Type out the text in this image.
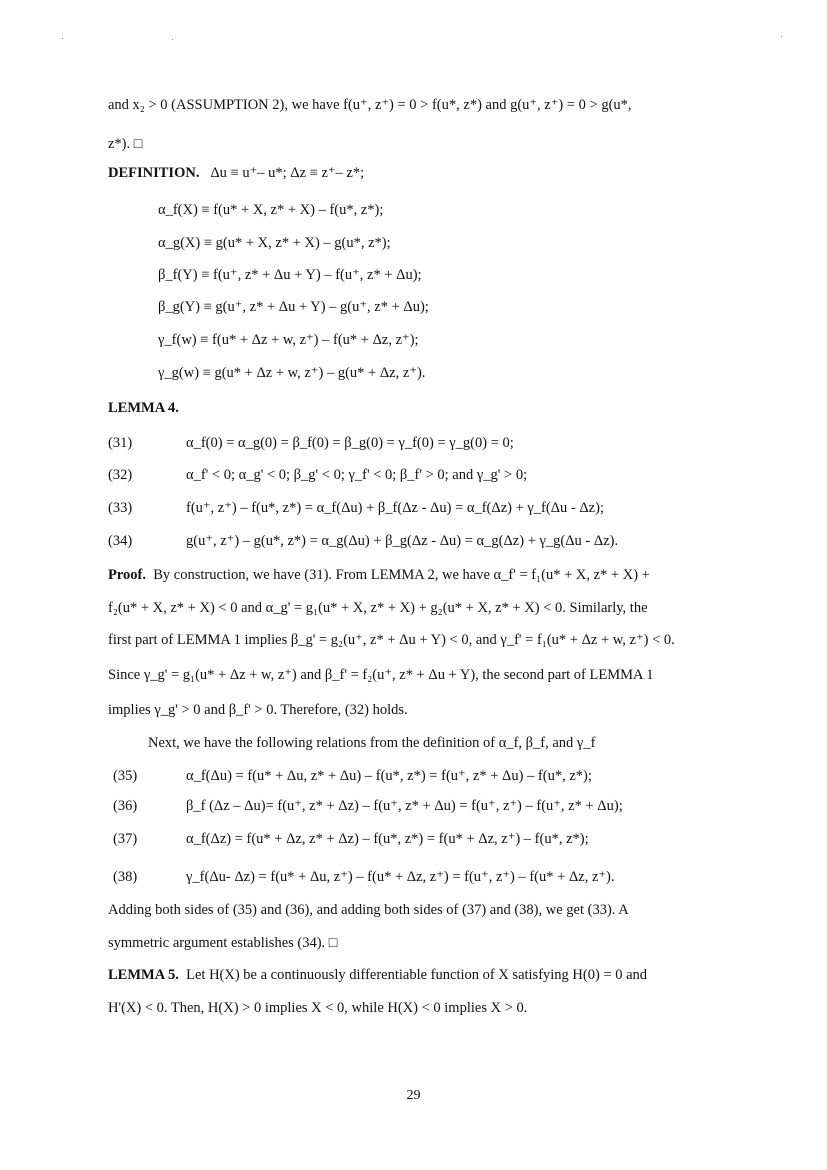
and x₂ > 0 (ASSUMPTION 2), we have f(u⁺, z⁺) = 0 > f(u*, z*) and g(u⁺, z⁺) = 0 > g(u*,
z*). □
DEFINITION. Δu ≡ u⁺– u*; Δz ≡ z⁺– z*;
α_f(X) ≡ f(u* + X, z* + X) – f(u*, z*);
α_g(X) ≡ g(u* + X, z* + X) – g(u*, z*);
β_f(Y) ≡ f(u⁺, z* + Δu + Y) – f(u⁺, z* + Δu);
β_g(Y) ≡ g(u⁺, z* + Δu + Y) – g(u⁺, z* + Δu);
γ_f(w) ≡ f(u* + Δz + w, z⁺) – f(u* + Δz, z⁺);
γ_g(w) ≡ g(u* + Δz + w, z⁺) – g(u* + Δz, z⁺).
LEMMA 4.
(31)	α_f(0) = α_g(0) = β_f(0) = β_g(0) = γ_f(0) = γ_g(0) = 0;
(32)	α_f' < 0; α_g' < 0; β_g' < 0; γ_f' < 0; β_f' > 0; and γ_g' > 0;
(33)	f(u⁺, z⁺) – f(u*, z*) = α_f(Δu) + β_f(Δz - Δu) = α_f(Δz) + γ_f(Δu - Δz);
(34)	g(u⁺, z⁺) – g(u*, z*) = α_g(Δu) + β_g(Δz - Δu) = α_g(Δz) + γ_g(Δu - Δz).
Proof. By construction, we have (31). From LEMMA 2, we have α_f' = f₁(u* + X, z* + X) +
f₂(u* + X, z* + X) < 0 and α_g' = g₁(u* + X, z* + X) + g₂(u* + X, z* + X) < 0. Similarly, the
first part of LEMMA 1 implies β_g' = g₂(u⁺, z* + Δu + Y) < 0, and γ_f' = f₁(u* + Δz + w, z⁺) < 0.
Since γ_g' = g₁(u* + Δz + w, z⁺) and β_f' = f₂(u⁺, z* + Δu + Y), the second part of LEMMA 1
implies γ_g' > 0 and β_f' > 0. Therefore, (32) holds.
Next, we have the following relations from the definition of α_f, β_f, and γ_f
(35)	α_f(Δu) = f(u* + Δu, z* + Δu) – f(u*, z*) = f(u⁺, z* + Δu) – f(u*, z*);
(36)	β_f (Δz – Δu)= f(u⁺, z* + Δz) – f(u⁺, z* + Δu) = f(u⁺, z⁺) – f(u⁺, z* + Δu);
(37)	α_f(Δz) = f(u* + Δz, z* + Δz) – f(u*, z*) = f(u* + Δz, z⁺) – f(u*, z*);
(38)	γ_f(Δu- Δz) = f(u* + Δu, z⁺) – f(u* + Δz, z⁺) = f(u⁺, z⁺) – f(u* + Δz, z⁺).
Adding both sides of (35) and (36), and adding both sides of (37) and (38), we get (33). A
symmetric argument establishes (34). □
LEMMA 5. Let H(X) be a continuously differentiable function of X satisfying H(0) = 0 and
H'(X) < 0. Then, H(X) > 0 implies X < 0, while H(X) < 0 implies X > 0.
29
